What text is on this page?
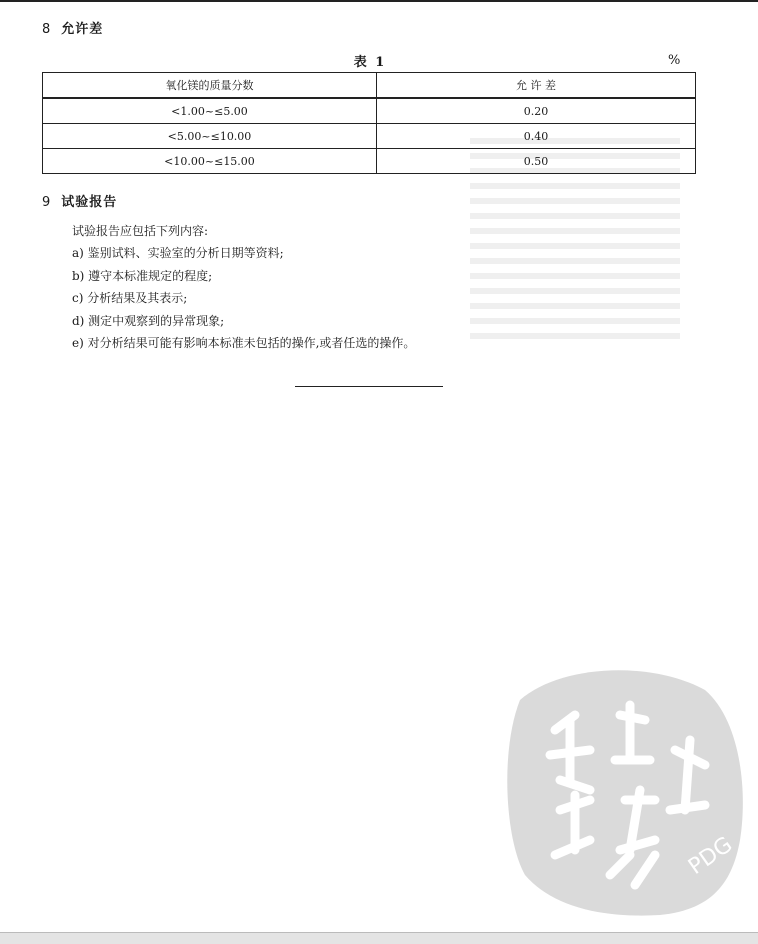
8 允许差
表 1	%
氧化镁的质量分数	允 许 差
<1.00~≤5.00	0.20
<5.00~≤10.00	0.40
<10.00~≤15.00	0.50
9 试验报告
试验报告应包括下列内容:
a) 鉴别试料、实验室的分析日期等资料;
b) 遵守本标准规定的程度;
c) 分析结果及其表示;
d) 测定中观察到的异常现象;
e) 对分析结果可能有影响本标准未包括的操作,或者任选的操作。
PDG
